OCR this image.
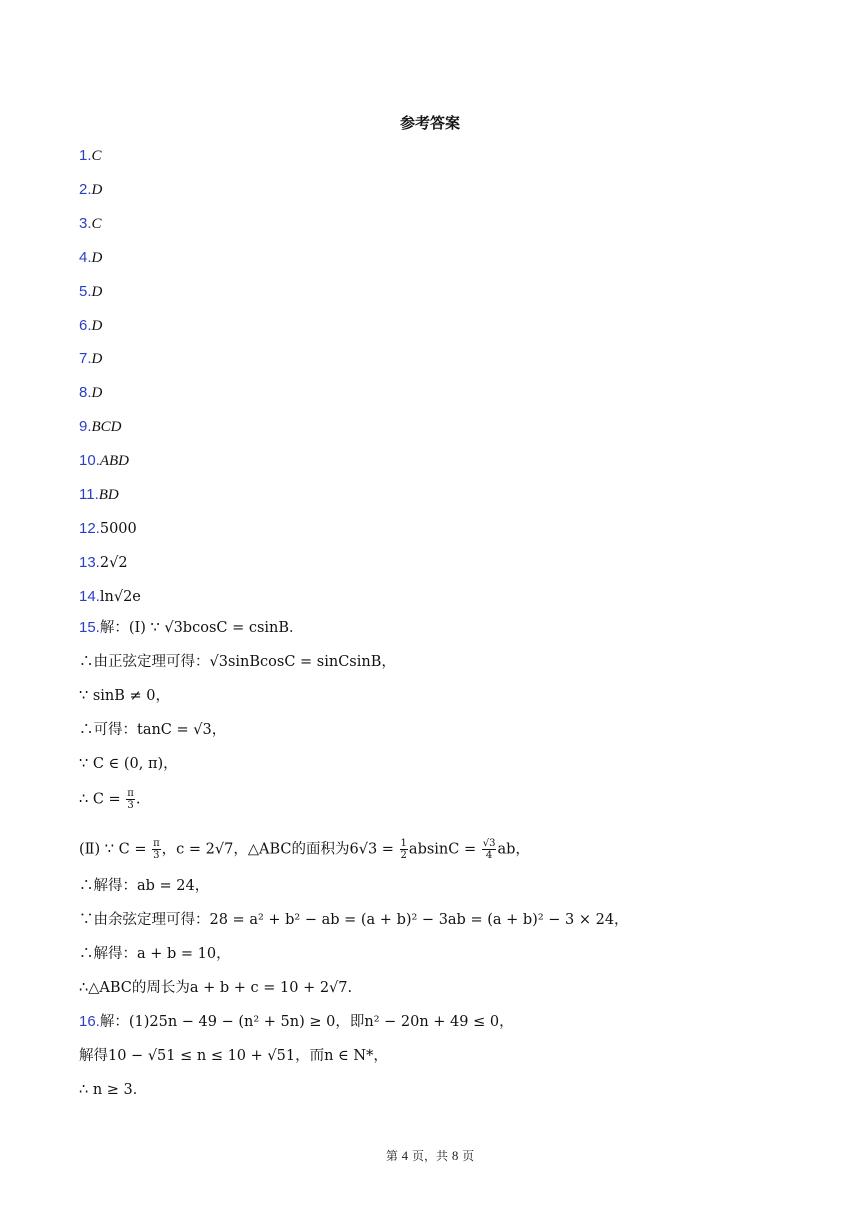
参考答案
1.C
2.D
3.C
4.D
5.D
6.D
7.D
8.D
9.BCD
10.ABD
11.BD
12.5000
13.2√2
14.ln√2e
15.解：(Ⅰ) ∵ √3bcosC = csinB．
∴由正弦定理可得：√3sinBcosC = sinCsinB，
∵ sinB ≠ 0，
∴可得：tanC = √3，
∵ C ∈ (0, π)，
∴ $C = \frac{\pi}{3}$ .
(Ⅱ) ∵ $C = \frac{\pi}{3}$ ，c = 2√7，△ABC的面积为$6√3 = \frac{1}{2}$ $absinC = \frac{√3}{4}$ ab，
∴解得：ab = 24，
∵由余弦定理可得：28 = a² + b² − ab = (a + b)² − 3ab = (a + b)² − 3 × 24，
∴解得：a + b = 10，
∴△ABC的周长为a + b + c = 10 + 2√7.
16.解：(1)25n − 49 − (n² + 5n) ≥ 0，即n² − 20n + 49 ≤ 0，
解得10 − √51 ≤ n ≤ 10 + √51，而n ∈ N*，
∴ n ≥ 3．
第 4 页，共 8 页
